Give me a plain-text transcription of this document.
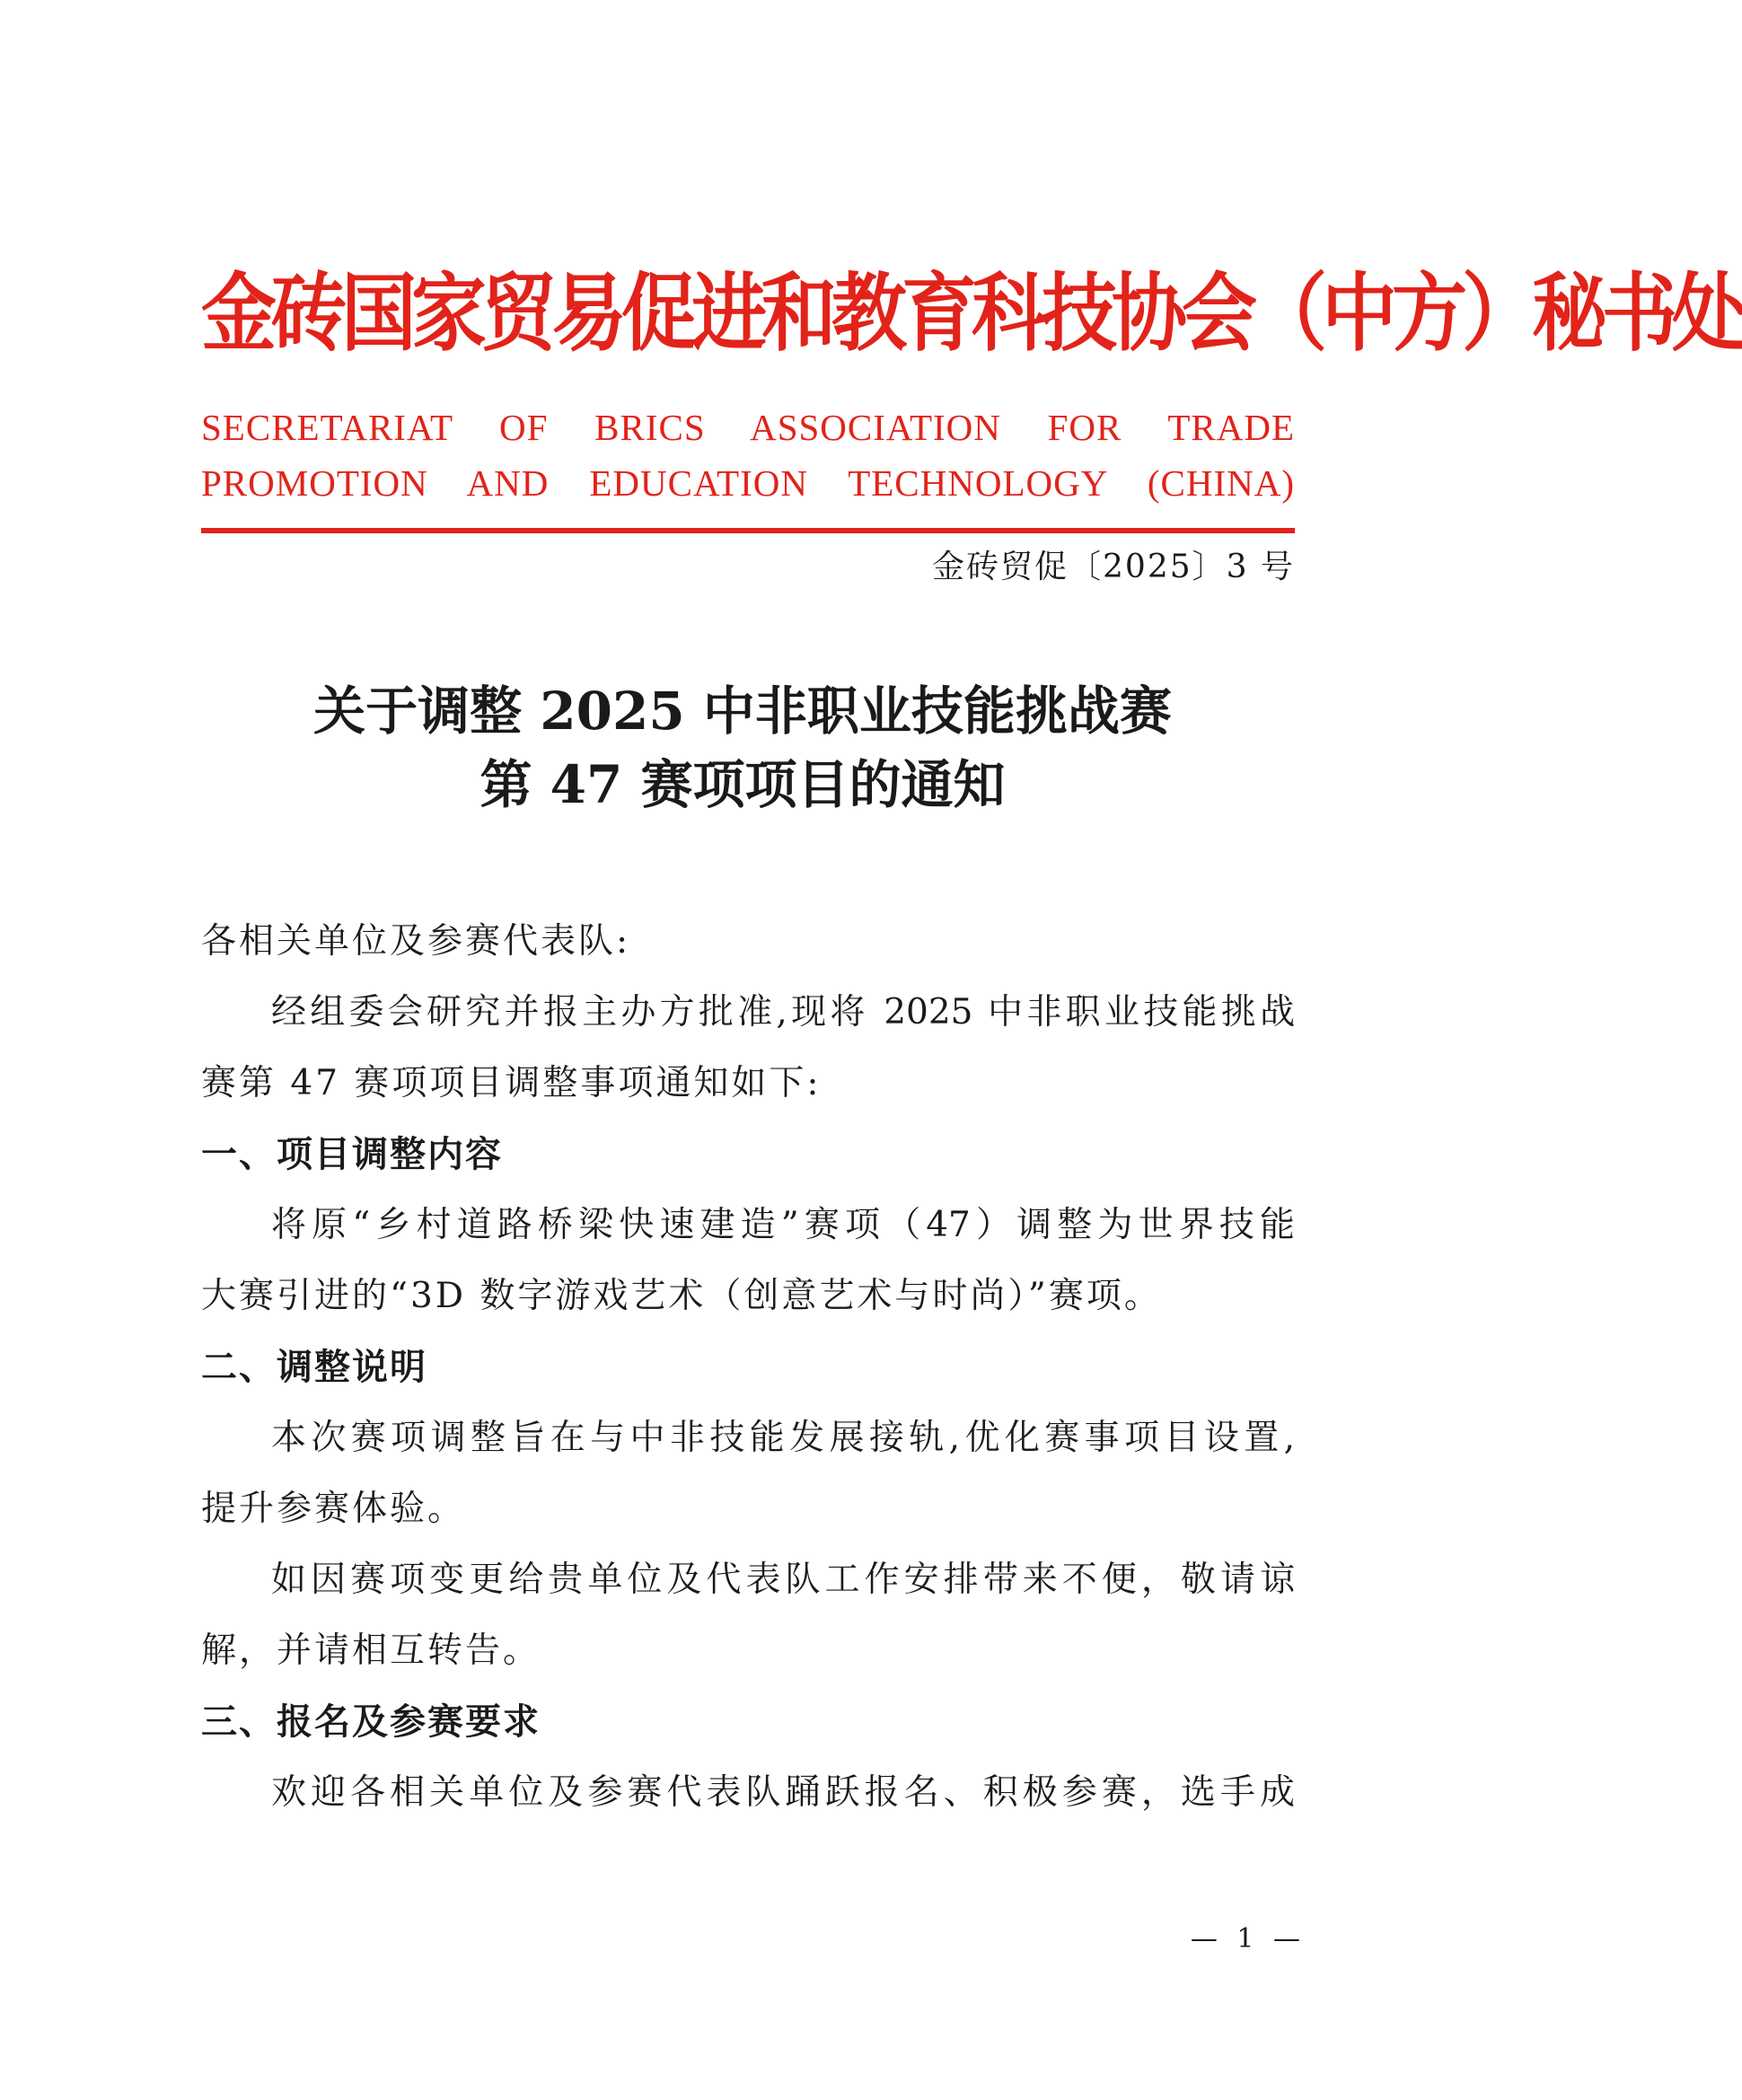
金砖国家贸易促进和教育科技协会（中方）秘书处
SECRETARIAT OF BRICS ASSOCIATION FOR TRADE
PROMOTION AND EDUCATION TECHNOLOGY (CHINA)
金砖贸促〔2025〕3 号
关于调整 2025 中非职业技能挑战赛
第 47 赛项项目的通知
各相关单位及参赛代表队:
经组委会研究并报主办方批准,现将 2025 中非职业技能挑战
赛第 47 赛项项目调整事项通知如下:
一、项目调整内容
将原“乡村道路桥梁快速建造”赛项（47）调整为世界技能
大赛引进的“3D 数字游戏艺术（创意艺术与时尚）”赛项。
二、调整说明
本次赛项调整旨在与中非技能发展接轨,优化赛事项目设置,
提升参赛体验。
如因赛项变更给贵单位及代表队工作安排带来不便，敬请谅
解，并请相互转告。
三、报名及参赛要求
欢迎各相关单位及参赛代表队踊跃报名、积极参赛，选手成
— 1 —
